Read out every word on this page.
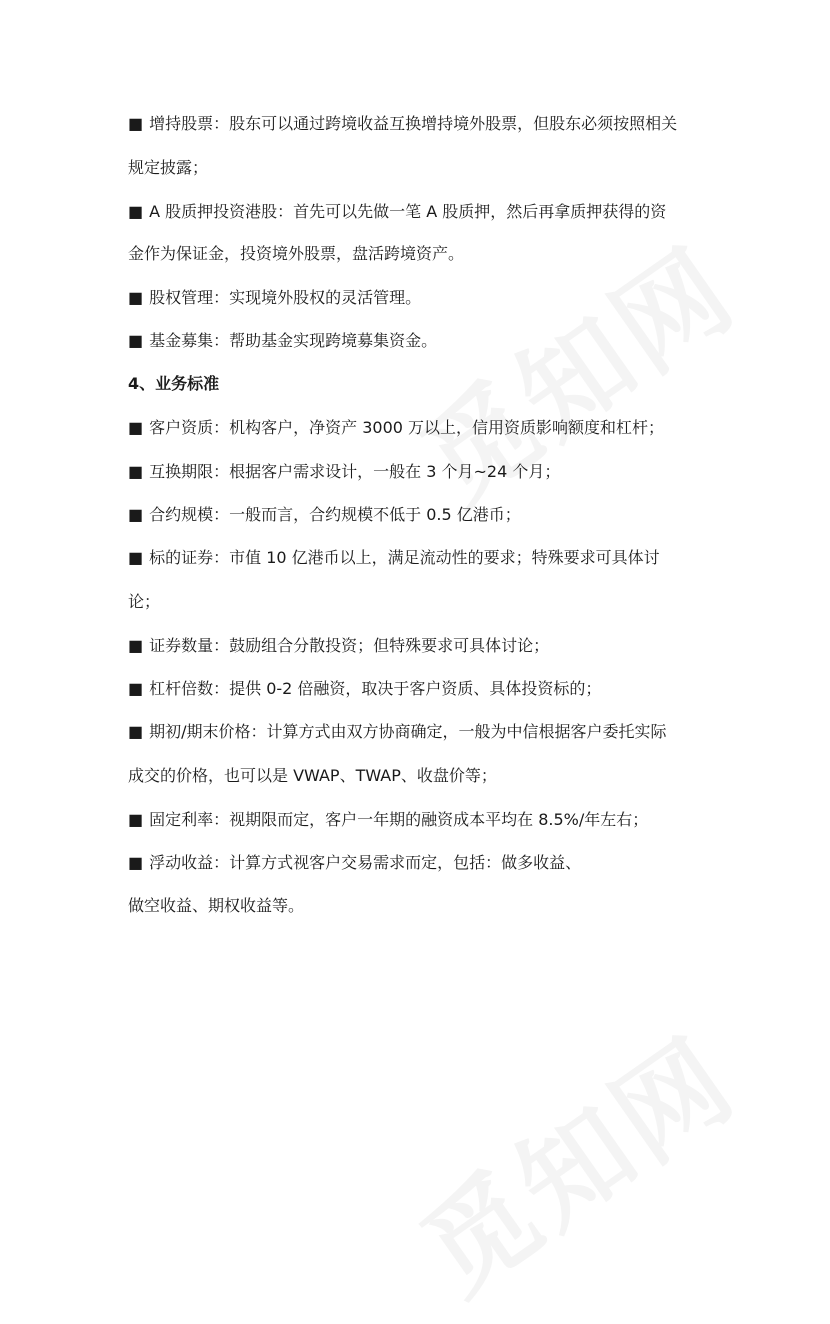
■ 增持股票：股东可以通过跨境收益互换增持境外股票，但股东必须按照相关
规定披露；
■ A 股质押投资港股：首先可以先做一笔 A 股质押，然后再拿质押获得的资
金作为保证金，投资境外股票，盘活跨境资产。
■ 股权管理：实现境外股权的灵活管理。
■ 基金募集：帮助基金实现跨境募集资金。
4、业务标准
■ 客户资质：机构客户，净资产 3000 万以上，信用资质影响额度和杠杆；
■ 互换期限：根据客户需求设计，一般在 3 个月~24 个月；
■ 合约规模：一般而言，合约规模不低于 0.5 亿港币；
■ 标的证券：市值 10 亿港币以上，满足流动性的要求；特殊要求可具体讨
论；
■ 证券数量：鼓励组合分散投资；但特殊要求可具体讨论；
■ 杠杆倍数：提供 0-2 倍融资，取决于客户资质、具体投资标的；
■ 期初/期末价格：计算方式由双方协商确定，一般为中信根据客户委托实际
成交的价格，也可以是 VWAP、TWAP、收盘价等；
■ 固定利率：视期限而定，客户一年期的融资成本平均在 8.5%/年左右；
■ 浮动收益：计算方式视客户交易需求而定，包括：做多收益、
做空收益、期权收益等。
